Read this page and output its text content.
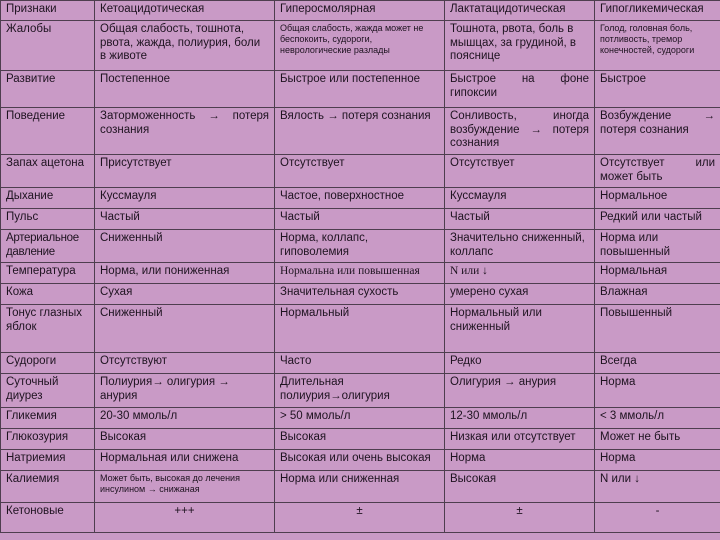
Признаки	Кетоацидотическая	Гиперосмолярная	Лактатацидотическая	Гипогликемическая
Жалобы	Общая слабость, тошнота, рвота, жажда, полиурия, боли в животе	Общая слабость, жажда может не беспокоить, судороги, неврологические разлады	Тошнота, рвота, боль в мышцах, за грудиной, в пояснице	Голод, головная боль, потливость, тремор конечностей, судороги
Развитие	Постепенное	Быстрое или постепенное	Быстрое на фоне гипоксии	Быстрое
Поведение	Заторможенность → потеря сознания	Вялость → потеря сознания	Сонливость, иногда возбуждение → потеря сознания	Возбуждение → потеря сознания
Запах ацетона	Присутствует	Отсутствует	Отсутствует	Отсутствует или может быть
Дыхание	Куссмауля	Частое, поверхностное	Куссмауля	Нормальное
Пульс	Частый	Частый	Частый	Редкий или частый
Артериальное давление	Сниженный	Норма, коллапс, гиповолемия	Значительно сниженный, коллапс	Норма или повышенный
Температура	Норма, или пониженная	Нормальна или повышенная	N или ↓	Нормальная
Кожа	Сухая	Значительная сухость	умерено сухая	Влажная
Тонус глазных яблок	Сниженный	Нормальный	Нормальный или сниженный	Повышенный
Судороги	Отсутствуют	Часто	Редко	Всегда
Суточный диурез	Полиурия→ олигурия → анурия	Длительная полиурия→олигурия	Олигурия → анурия	Норма
Гликемия	20-30 ммоль/л	> 50 ммоль/л	12-30 ммоль/л	< 3 ммоль/л
Глюкозурия	Высокая	Высокая	Низкая или отсутствует	Может не быть
Натриемия	Нормальная или снижена	Высокая или очень высокая	Норма	Норма
Калиемия	Может быть, высокая до лечения инсулином → снижаная	Норма или сниженная	Высокая	N или ↓
Кетоновые	+++	±	±	-
